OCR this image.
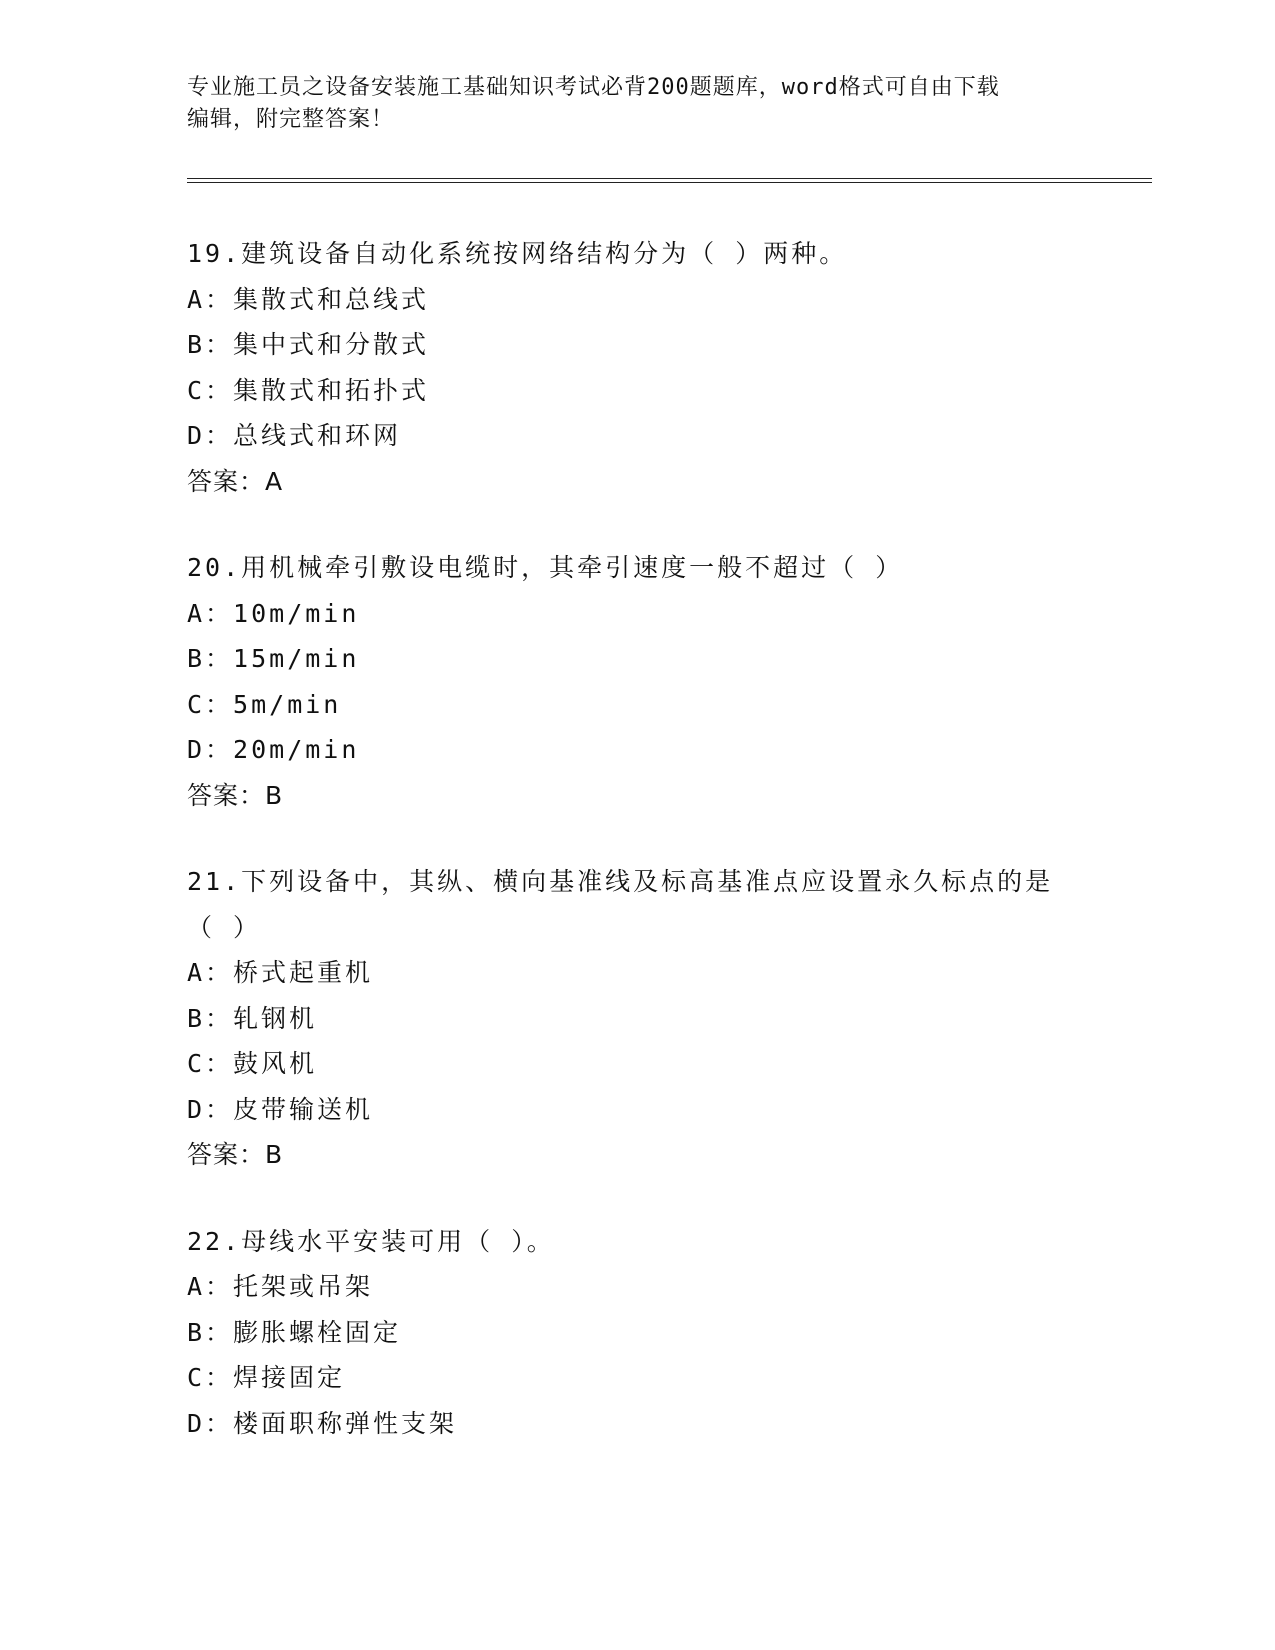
专业施工员之设备安装施工基础知识考试必背200题题库，word格式可自由下载
编辑，附完整答案！
19.建筑设备自动化系统按网络结构分为（ ）两种。
A：集散式和总线式
B：集中式和分散式
C：集散式和拓扑式
D：总线式和环网
答案：A
20.用机械牵引敷设电缆时，其牵引速度一般不超过（ ）
A：10m/min
B：15m/min
C：5m/min
D：20m/min
答案：B
21.下列设备中，其纵、横向基准线及标高基准点应设置永久标点的是
（ ）
A：桥式起重机
B：轧钢机
C：鼓风机
D：皮带输送机
答案：B
22.母线水平安装可用（ ）。
A：托架或吊架
B：膨胀螺栓固定
C：焊接固定
D：楼面职称弹性支架
